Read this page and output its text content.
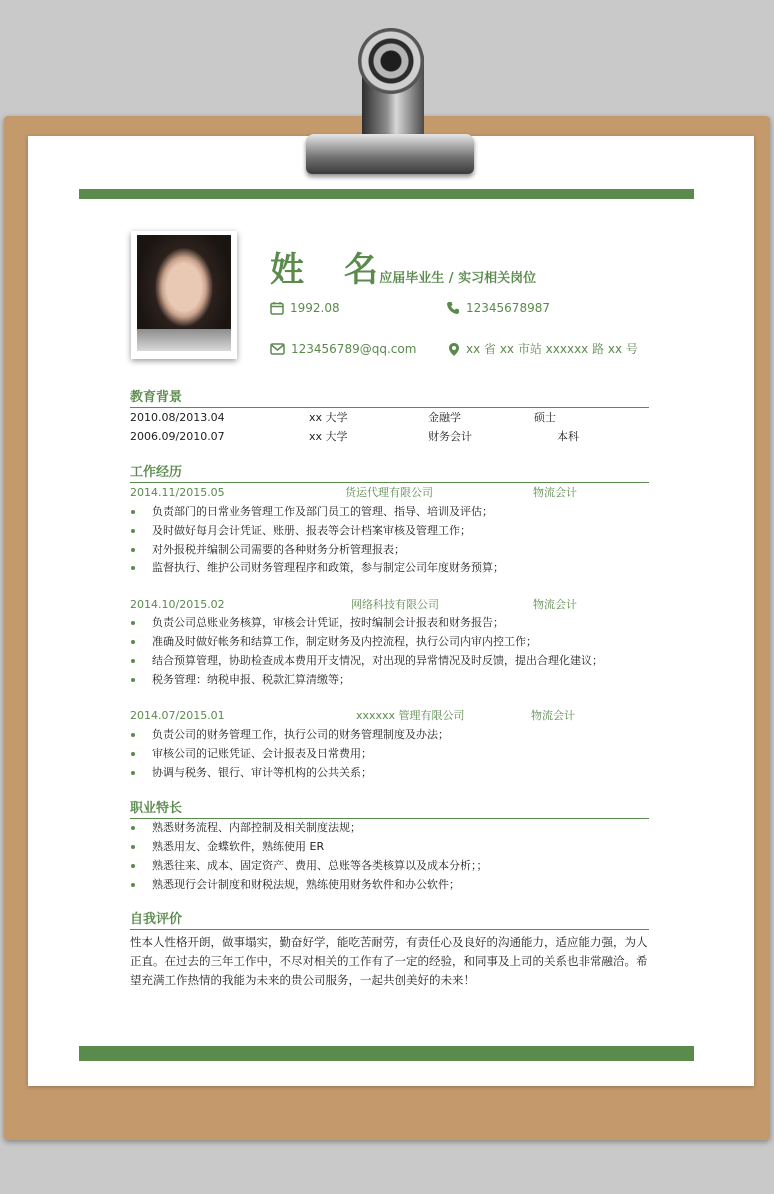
姓 名
/ 应届毕业生 / 实习相关岗位
1992.08	12345678987
123456789@qq.com	xx 省 xx 市站 xxxxxx 路 xx 号
教育背景
2010.08/2013.04	xx 大学	金融学	硕士
2006.09/2010.07	xx 大学	财务会计	本科
工作经历
2014.11/2015.05	货运代理有限公司	物流会计
负责部门的日常业务管理工作及部门员工的管理、指导、培训及评估；
及时做好每月会计凭证、账册、报表等会计档案审核及管理工作；
对外报税并编制公司需要的各种财务分析管理报表；
监督执行、维护公司财务管理程序和政策，参与制定公司年度财务预算；
2014.10/2015.02	网络科技有限公司	物流会计
负责公司总账业务核算，审核会计凭证，按时编制会计报表和财务报告；
准确及时做好帐务和结算工作，制定财务及内控流程，执行公司内审内控工作；
结合预算管理，协助检查成本费用开支情况，对出现的异常情况及时反馈，提出合理化建议；
税务管理：纳税申报、税款汇算清缴等；
2014.07/2015.01	xxxxxx 管理有限公司	物流会计
负责公司的财务管理工作，执行公司的财务管理制度及办法；
审核公司的记账凭证、会计报表及日常费用；
协调与税务、银行、审计等机构的公共关系；
职业特长
熟悉财务流程、内部控制及相关制度法规；
熟悉用友、金蝶软件，熟练使用 ER
熟悉往来、成本、固定资产、费用、总账等各类核算以及成本分析；；
熟悉现行会计制度和财税法规，熟练使用财务软件和办公软件；
自我评价
性本人性格开朗，做事塌实，勤奋好学，能吃苦耐劳，有责任心及良好的沟通能力，适应能力强，为人正直。在过去的三年工作中，不尽对相关的工作有了一定的经验，和同事及上司的关系也非常融洽。希望充满工作热情的我能为未来的贵公司服务，一起共创美好的未来！
